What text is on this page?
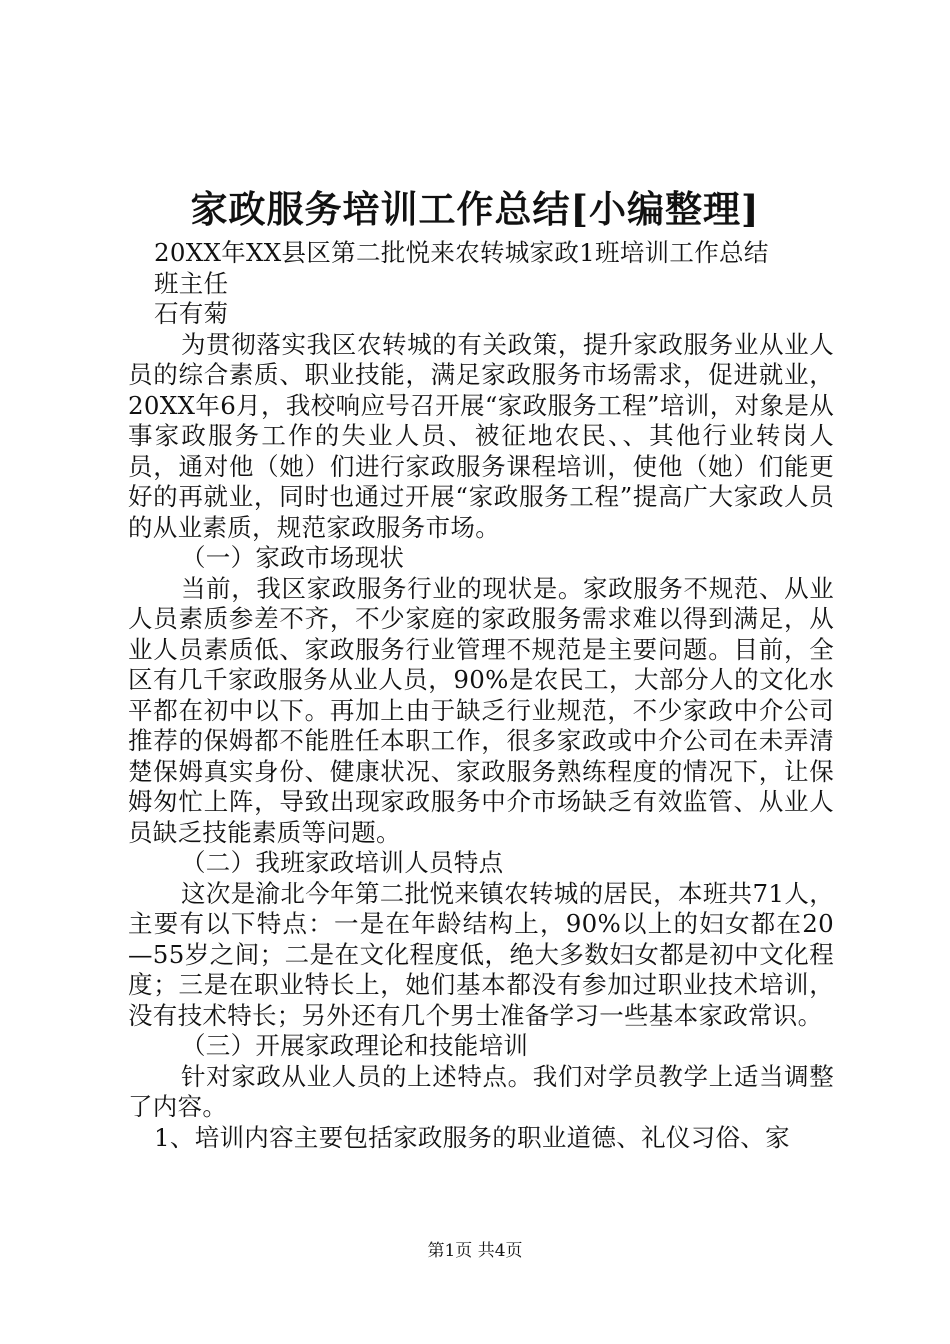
家政服务培训工作总结[小编整理]

20XX年XX县区第二批悦来农转城家政1班培训工作总结

班主任

石有菊

为贯彻落实我区农转城的有关政策，提升家政服务业从业人员的综合素质、职业技能，满足家政服务市场需求，促进就业，20XX年6月，我校响应号召开展“家政服务工程”培训，对象是从事家政服务工作的失业人员、被征地农民、、其他行业转岗人员，通对他（她）们进行家政服务课程培训，使他（她）们能更好的再就业，同时也通过开展“家政服务工程”提高广大家政人员的从业素质，规范家政服务市场。

（一）家政市场现状

当前，我区家政服务行业的现状是。家政服务不规范、从业人员素质参差不齐，不少家庭的家政服务需求难以得到满足，从业人员素质低、家政服务行业管理不规范是主要问题。目前，全区有几千家政服务从业人员，90%是农民工，大部分人的文化水平都在初中以下。再加上由于缺乏行业规范，不少家政中介公司推荐的保姆都不能胜任本职工作，很多家政或中介公司在未弄清楚保姆真实身份、健康状况、家政服务熟练程度的情况下，让保姆匆忙上阵，导致出现家政服务中介市场缺乏有效监管、从业人员缺乏技能素质等问题。

（二）我班家政培训人员特点

这次是渝北今年第二批悦来镇农转城的居民，本班共71人，主要有以下特点：一是在年龄结构上，90%以上的妇女都在20—55岁之间；二是在文化程度低，绝大多数妇女都是初中文化程度；三是在职业特长上，她们基本都没有参加过职业技术培训，没有技术特长；另外还有几个男士准备学习一些基本家政常识。

（三）开展家政理论和技能培训

针对家政从业人员的上述特点。我们对学员教学上适当调整了内容。

1、培训内容主要包括家政服务的职业道德、礼仪习俗、家

第1页 共4页
